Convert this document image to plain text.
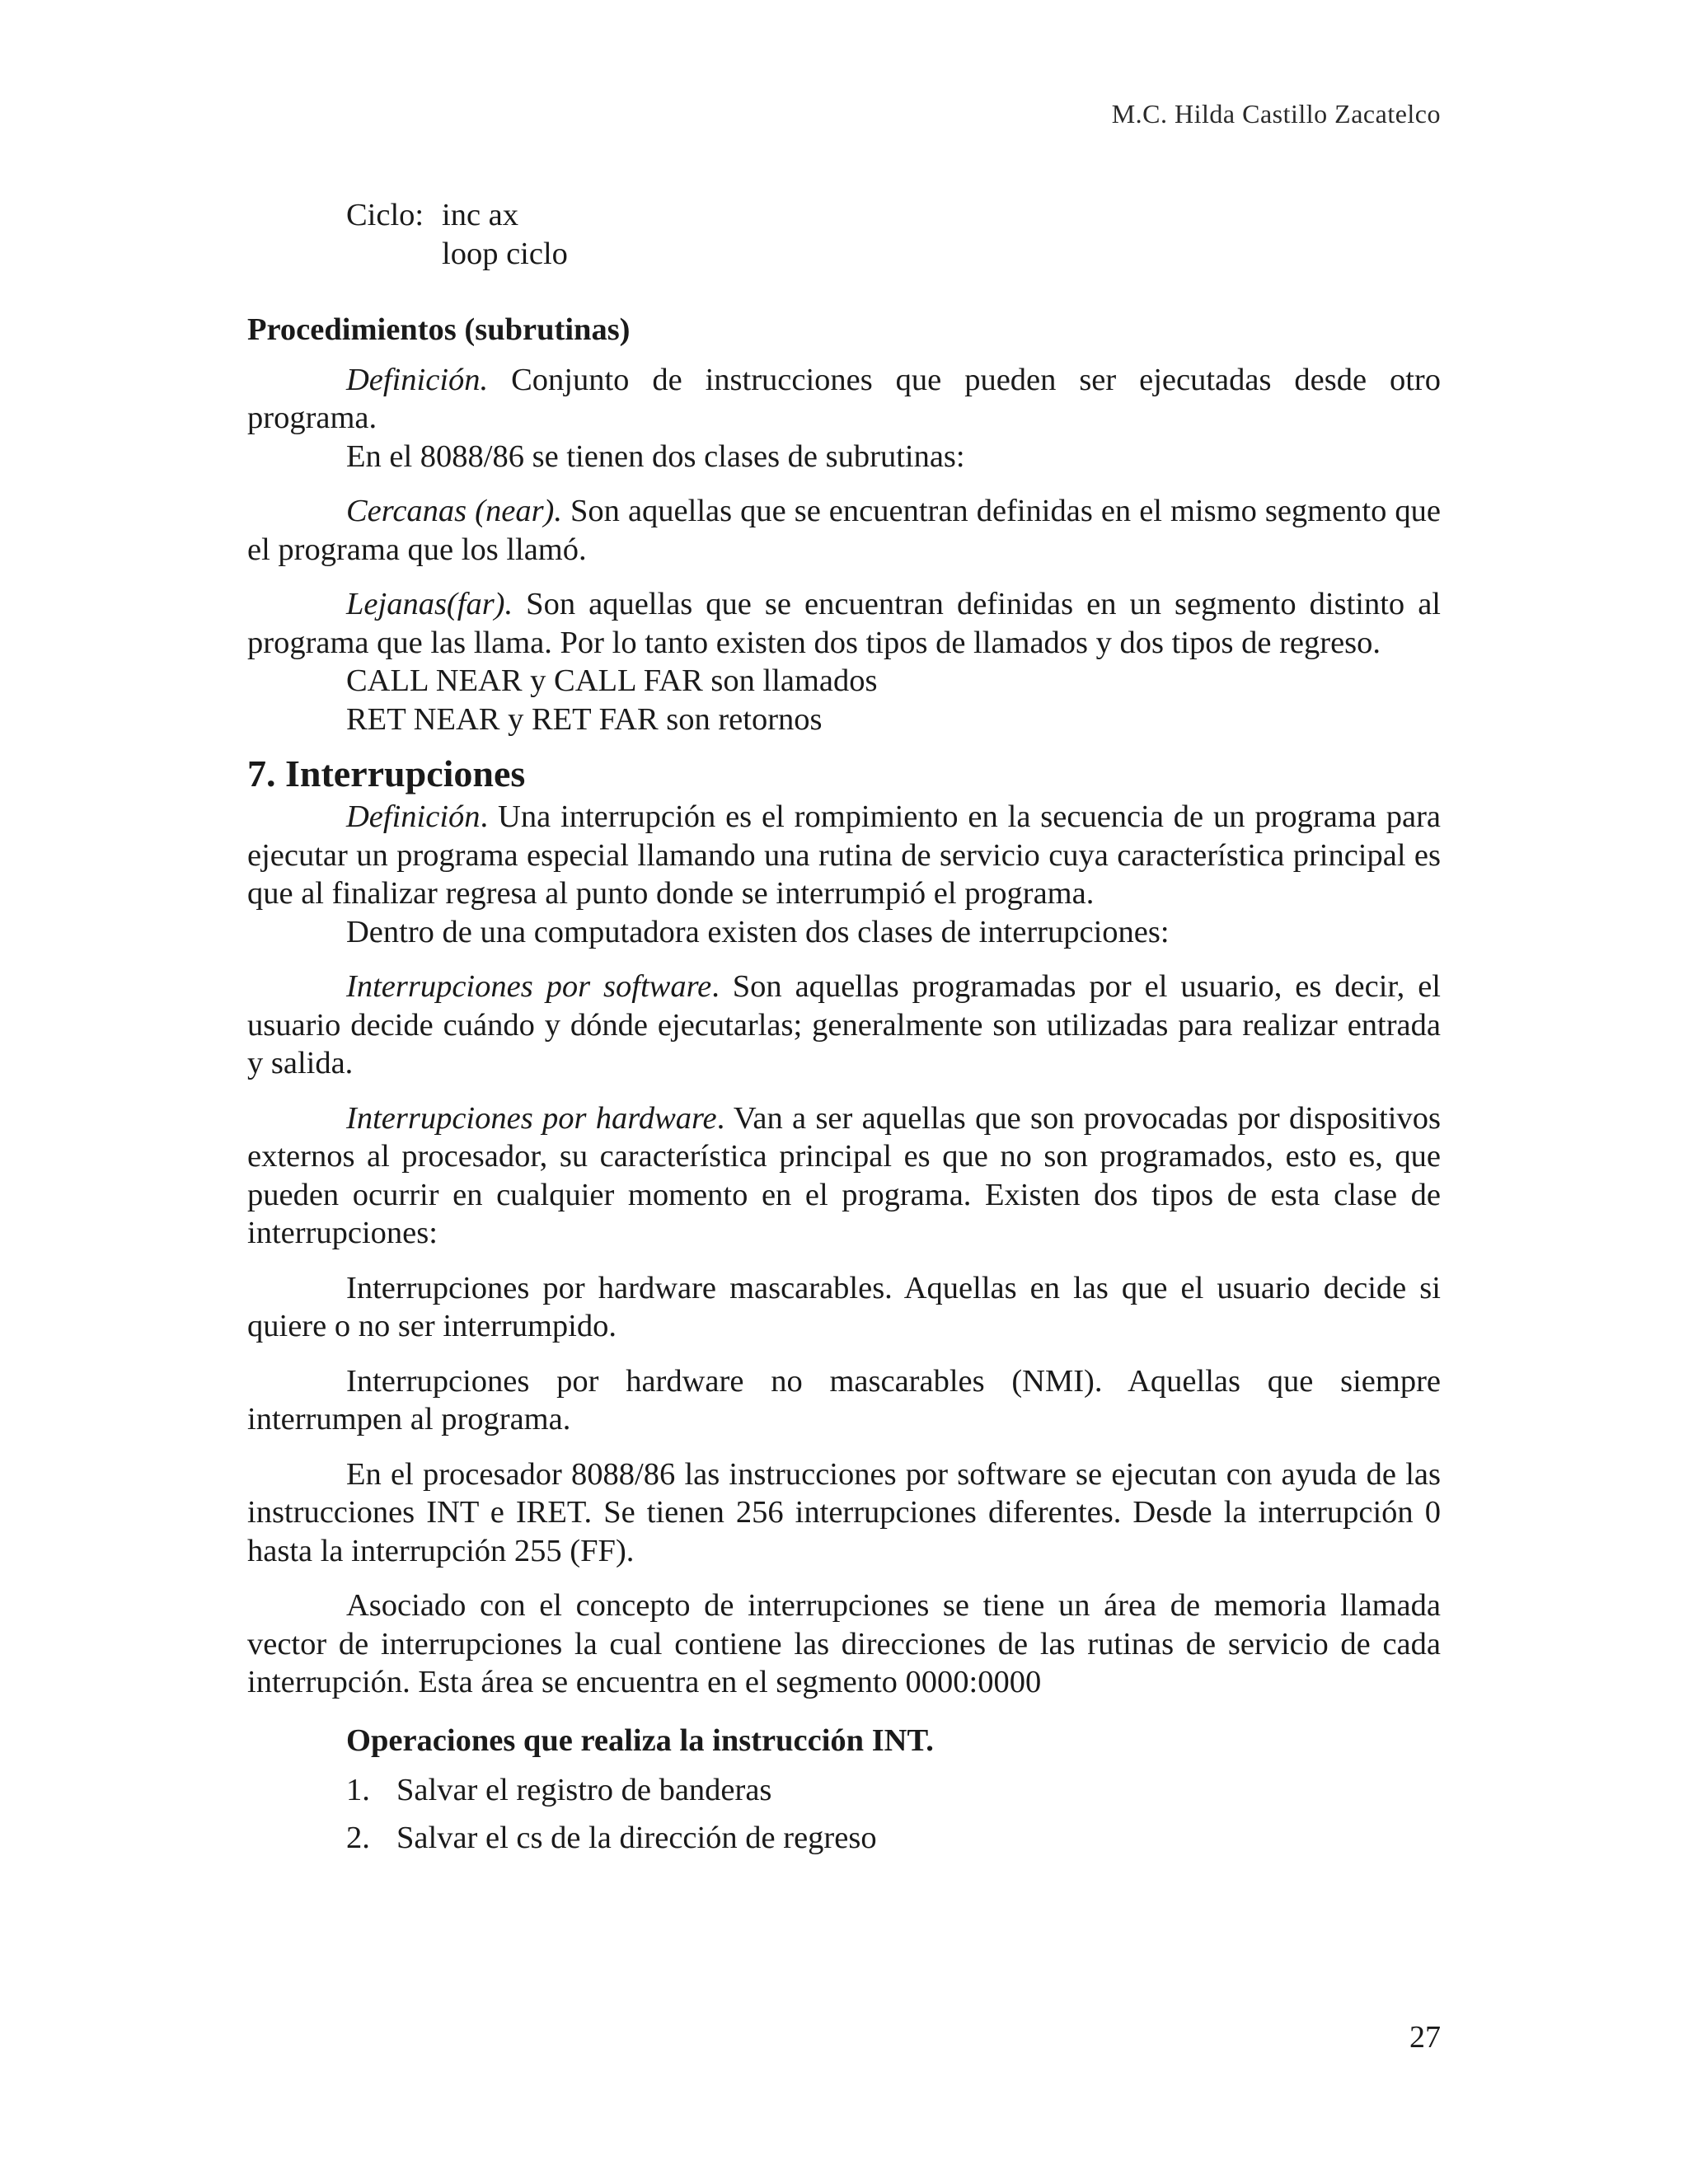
M.C. Hilda Castillo Zacatelco
Ciclo: inc ax
loop ciclo
Procedimientos (subrutinas)

Definición. Conjunto de instrucciones que pueden ser ejecutadas desde otro programa.

En el 8088/86 se tienen dos clases de subrutinas:

Cercanas (near). Son aquellas que se encuentran definidas en el mismo segmento que el programa que los llamó.

Lejanas(far). Son aquellas que se encuentran definidas en un segmento distinto al programa que las llama. Por lo tanto existen dos tipos de llamados y dos tipos de regreso.

CALL NEAR y CALL FAR son llamados

RET NEAR y RET FAR son retornos

7. Interrupciones

Definición. Una interrupción es el rompimiento en la secuencia de un programa para ejecutar un programa especial llamando una rutina de servicio cuya característica principal es que al finalizar regresa al punto donde se interrumpió el programa.

Dentro de una computadora existen dos clases de interrupciones:

Interrupciones por software. Son aquellas programadas por el usuario, es decir, el usuario decide cuándo y dónde ejecutarlas; generalmente son utilizadas para realizar entrada y salida.

Interrupciones por hardware. Van a ser aquellas que son provocadas por dispositivos externos al procesador, su característica principal es que no son programados, esto es, que pueden ocurrir en cualquier momento en el programa. Existen dos tipos de esta clase de interrupciones:

Interrupciones por hardware mascarables. Aquellas en las que el usuario decide si quiere o no ser interrumpido.

Interrupciones por hardware no mascarables (NMI). Aquellas que siempre interrumpen al programa.

En el procesador 8088/86 las instrucciones por software se ejecutan con ayuda de las instrucciones INT e IRET. Se tienen 256 interrupciones diferentes. Desde la interrupción 0 hasta la interrupción 255 (FF).

Asociado con el concepto de interrupciones se tiene un área de memoria llamada vector de interrupciones la cual contiene las direcciones de las rutinas de servicio de cada interrupción. Esta área se encuentra en el segmento 0000:0000

Operaciones que realiza la instrucción INT.
1. Salvar el registro de banderas
2. Salvar el cs de la dirección de regreso
27
